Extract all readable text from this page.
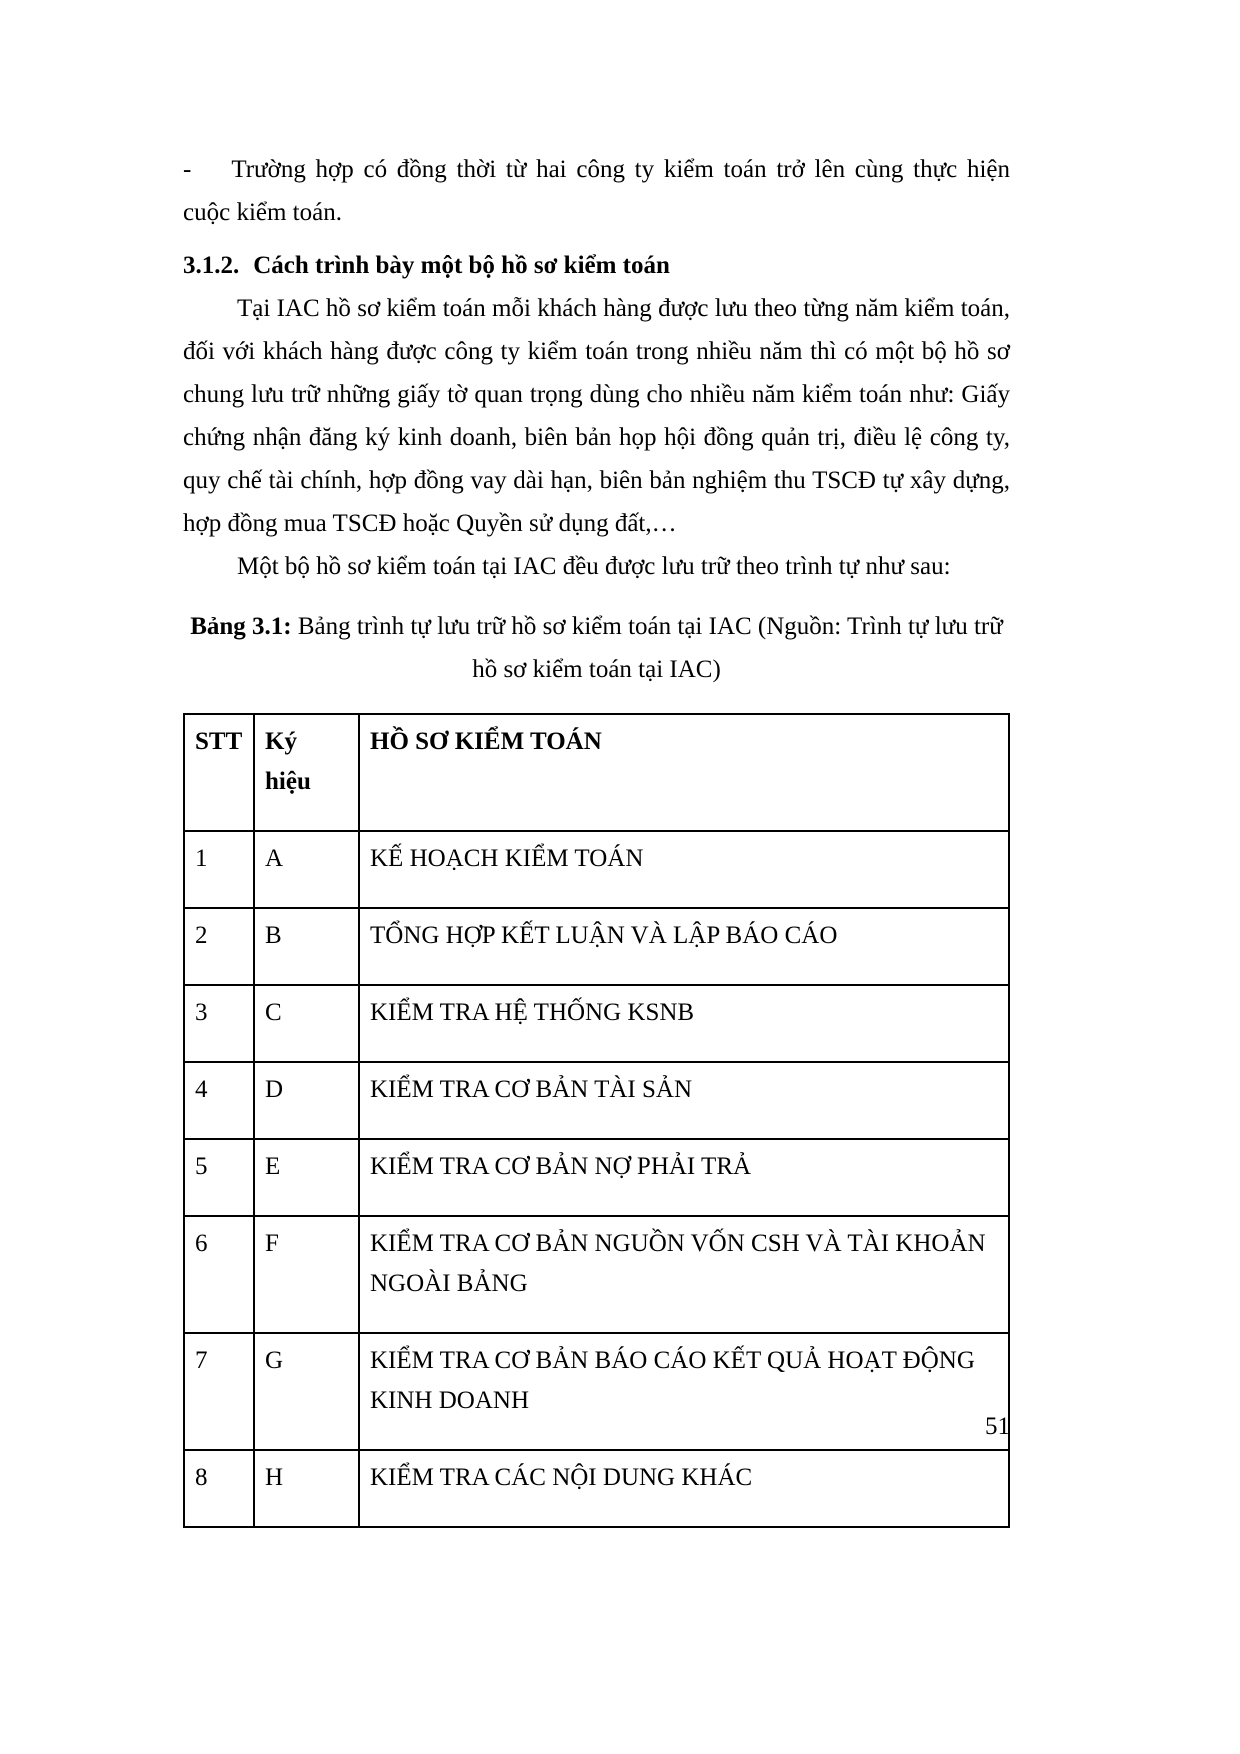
- Trường hợp có đồng thời từ hai công ty kiểm toán trở lên cùng thực hiện cuộc kiểm toán.

3.1.2. Cách trình bày một bộ hồ sơ kiểm toán

Tại IAC hồ sơ kiểm toán mỗi khách hàng được lưu theo từng năm kiểm toán, đối với khách hàng được công ty kiểm toán trong nhiều năm thì có một bộ hồ sơ chung lưu trữ những giấy tờ quan trọng dùng cho nhiều năm kiểm toán như: Giấy chứng nhận đăng ký kinh doanh, biên bản họp hội đồng quản trị, điều lệ công ty, quy chế tài chính, hợp đồng vay dài hạn, biên bản nghiệm thu TSCĐ tự xây dựng, hợp đồng mua TSCĐ hoặc Quyền sử dụng đất,…

Một bộ hồ sơ kiểm toán tại IAC đều được lưu trữ theo trình tự như sau:

Bảng 3.1: Bảng trình tự lưu trữ hồ sơ kiểm toán tại IAC (Nguồn: Trình tự lưu trữ hồ sơ kiểm toán tại IAC)

STT	Ký hiệu	HỒ SƠ KIỂM TOÁN
1	A	KẾ HOẠCH KIỂM TOÁN
2	B	TỔNG HỢP KẾT LUẬN VÀ LẬP BÁO CÁO
3	C	KIỂM TRA HỆ THỐNG KSNB
4	D	KIỂM TRA CƠ BẢN TÀI SẢN
5	E	KIỂM TRA CƠ BẢN NỢ PHẢI TRẢ
6	F	KIỂM TRA CƠ BẢN NGUỒN VỐN CSH VÀ TÀI KHOẢN NGOÀI BẢNG
7	G	KIỂM TRA CƠ BẢN BÁO CÁO KẾT QUẢ HOẠT ĐỘNG KINH DOANH
8	H	KIỂM TRA CÁC NỘI DUNG KHÁC
51
